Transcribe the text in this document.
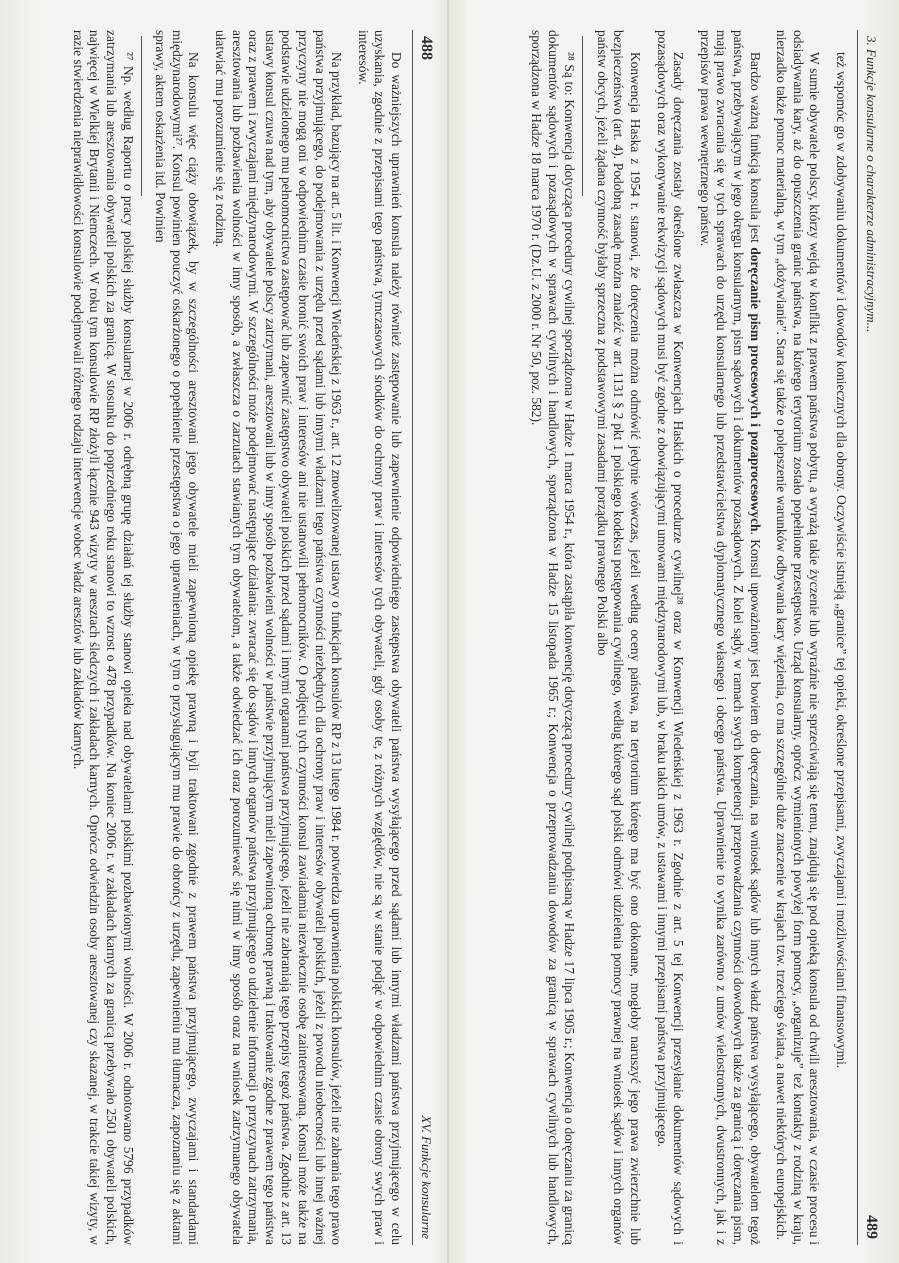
488
XV. Funkcje konsularne

Do ważniejszych uprawnień konsula należy również zastępowanie lub zapewnienie odpowiedniego zastępstwa obywateli państwa wysyłającego przed sądami lub innymi władzami państwa przyjmującego w celu uzyskania, zgodnie z przepisami tego państwa, tymczasowych środków do ochrony praw i interesów tych obywateli, gdy osoby te, z różnych względów, nie są w stanie podjąć w odpowiednim czasie obrony swych praw i interesów.

Na przykład, bazujący na art. 5 lit. i Konwencji Wiedeńskiej z 1963 r., art. 12 znowelizowanej ustawy o funkcjach konsulów RP z 13 lutego 1984 r. potwierdza uprawnienia polskich konsulów, jeżeli nie zabrania tego prawo państwa przyjmującego, do podejmowania z urzędu przed sądami lub innymi władzami tego państwa czynności niezbędnych dla ochrony praw i interesów obywateli polskich, jeżeli z powodu nieobecności lub innej ważnej przyczyny nie mogą oni w odpowiednim czasie bronić swoich praw i interesów ani nie ustanowili pełnomocników. O podjęciu tych czynności konsul zawiadamia niezwłocznie osobę zainteresowaną. Konsul może także na podstawie udzielonego mu pełnomocnictwa zastępować lub zapewnić zastępstwo obywateli polskich przed sądami i innymi organami państwa przyjmującego, jeżeli nie zabraniają tego przepisy tegoż państwa. Zgodnie z art. 13 ustawy konsul czuwa nad tym, aby obywatele polscy zatrzymani, aresztowani lub w inny sposób pozbawieni wolności w państwie przyjmującym mieli zapewnioną ochronę prawną i traktowanie zgodne z prawem tego państwa oraz z prawem i zwyczajami międzynarodowymi. W szczególności może podejmować następujące działania: zwracać się do sądów i innych organów państwa przyjmującego o udzielenie informacji o przyczynach zatrzymania, aresztowania lub pozbawienia wolności w inny sposób, a zwłaszcza o zarzutach stawianych tym obywatelom, a także odwiedzać ich oraz porozumiewać się nimi w inny sposób oraz na wniosek zatrzymanego obywatela ułatwiać mu porozumienie się z rodziną.

Na konsulu więc ciąży obowiązek, by w szczególności aresztowani jego obywatele mieli zapewnioną opiekę prawną i byli traktowani zgodnie z prawem państwa przyjmującego, zwyczajami i standardami międzynarodowymi²⁷. Konsul powinien pouczyć oskarżonego o popełnienie przestępstwa o jego uprawnieniach, w tym o przysługującym mu prawie do obrońcy z urzędu, zapewnieniu mu tłumacza, zapoznaniu się z aktami sprawy, aktem oskarżenia itd. Powinien

²⁷ Np. według Raportu o pracy polskiej służby konsularnej w 2006 r. odrębną grupę działań tej służby stanowi opieka nad obywatelami polskimi pozbawionymi wolności. W 2006 r. odnotowano 5796 przypadków zatrzymania lub aresztowania obywateli polskich za granicą. W stosunku do poprzedniego roku stanowi to wzrost o 478 przypadków. Na koniec 2006 r. w zakładach karnych za granicą przebywało 2501 obywateli polskich, najwięcej w Wielkiej Brytanii i Niemczech. W roku tym konsulowie RP złożyli łącznie 943 wizyty w aresztach śledczych i zakładach karnych. Oprócz odwiedzin osoby aresztowanej czy skazanej, w trakcie takiej wizyty, w razie stwierdzenia nieprawidłowości konsulowie podejmowali różnego rodzaju interwencje wobec władz aresztów lub zakładów karnych.	3. Funkcje konsularne o charakterze administracyjnym...
489

też wspomóc go w zdobywaniu dokumentów i dowodów koniecznych dla obrony. Oczywiście istnieją „granice” tej opieki, określone przepisami, zwyczajami i możliwościami finansowymi.

W sumie obywatele polscy, którzy wejdą w konflikt z prawem państwa pobytu, a wyrażą takie życzenie lub wyraźnie nie sprzeciwiają się temu, znajdują się pod opieką konsula od chwili aresztowania, w czasie procesu i odsiadywania kary, aż do opuszczenia granic państwa, na którego terytorium zostało popełnione przestępstwo. Urząd konsularny, oprócz wymienionych powyżej form pomocy, „organizuje” też kontakty z rodziną w kraju, nierzadko także pomoc materialną, w tym „dożywianie”. Stara się także o polepszenie warunków odbywania kary więzienia, co ma szczególnie duże znaczenie w krajach tzw. trzeciego świata, a nawet niektórych europejskich.

Bardzo ważną funkcją konsula jest doręczanie pism procesowych i pozaprocesowych. Konsul upoważniony jest bowiem do doręczania, na wniosek sądów lub innych władz państwa wysyłającego, obywatelom tegoż państwa, przebywającym w jego okręgu konsularnym, pism sądowych i dokumentów pozasądowych. Z kolei sądy, w ramach swych kompetencji przeprowadzania czynności dowodowych także za granicą i doręczania pism, mają prawo zwracania się w tych sprawach do urzędu konsularnego lub przedstawicielstwa dyplomatycznego własnego i obcego państwa. Uprawnienie to wynika zarówno z umów wielostronnych, dwustronnych, jak i z przepisów prawa wewnętrznego państw.

Zasady doręczania zostały określone zwłaszcza w Konwencjach Haskich o procedurze cywilnej²⁸ oraz w Konwencji Wiedeńskiej z 1963 r. Zgodnie z art. 5 tej Konwencji przesyłanie dokumentów sądowych i pozasądowych oraz wykonywanie rekwizycji sądowych musi być zgodne z obowiązującymi umowami międzynarodowymi lub, w braku takich umów, z ustawami i innymi przepisami państwa przyjmującego.

Konwencja Haska z 1954 r. stanowi, że doręczenia można odmówić jedynie wówczas, jeżeli według oceny państwa, na terytorium którego ma być ono dokonane, mogłoby naruszyć jego prawa zwierzchnie lub bezpieczeństwo (art. 4). Podobną zasadę można znaleźć w art. 1131 § 2 pkt 1 polskiego kodeksu postępowania cywilnego, według którego sąd polski odmówi udzielenia pomocy prawnej na wniosek sądów i innych organów państw obcych, jeżeli żądana czynność byłaby sprzeczna z podstawowymi zasadami porządku prawnego Polski albo

²⁸ Są to: Konwencja dotycząca procedury cywilnej sporządzona w Hadze 1 marca 1954 r., która zastąpiła konwencję dotyczącą procedury cywilnej podpisaną w Hadze 17 lipca 1905 r.; Konwencja o doręczaniu za granicą dokumentów sądowych i pozasądowych w sprawach cywilnych i handlowych, sporządzona w Hadze 15 listopada 1965 r.; Konwencja o przeprowadzaniu dowodów za granicą w sprawach cywilnych lub handlowych, sporządzona w Hadze 18 marca 1970 r. (Dz.U. z 2000 r. Nr 50, poz. 582).
